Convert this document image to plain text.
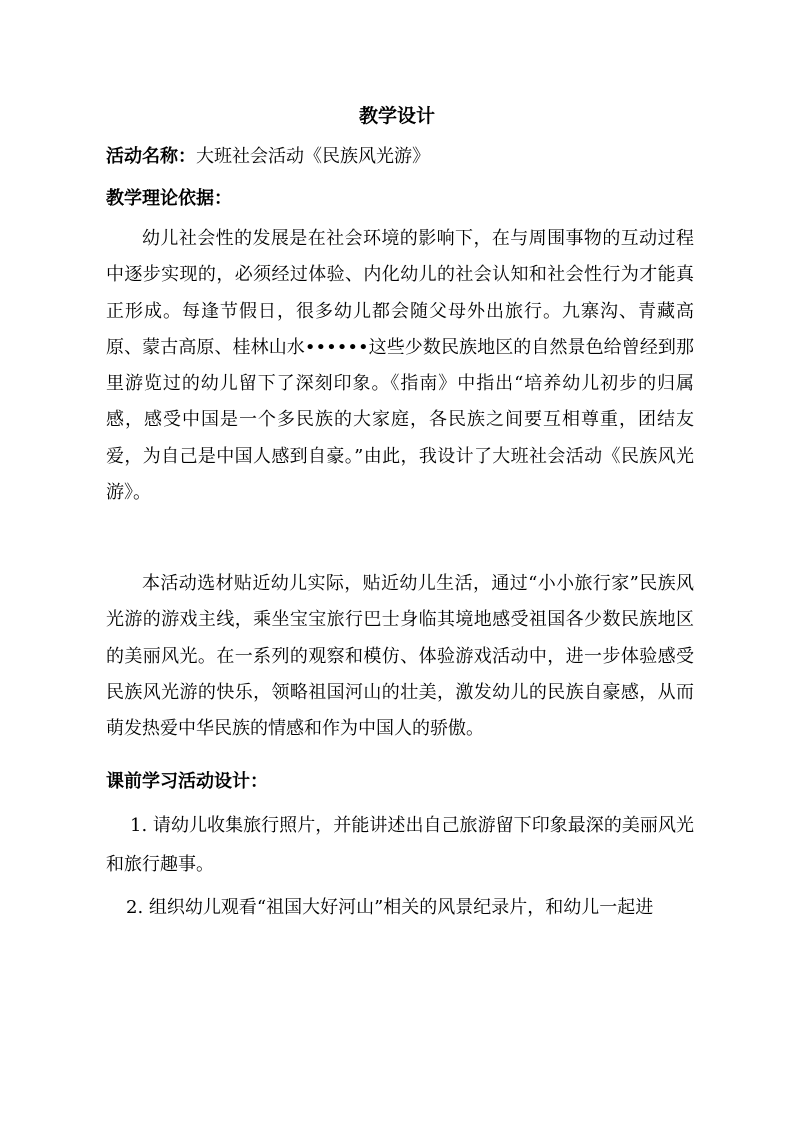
教学设计
活动名称：大班社会活动《民族风光游》
教学理论依据：

幼儿社会性的发展是在社会环境的影响下，在与周围事物的互动过程中逐步实现的，必须经过体验、内化幼儿的社会认知和社会性行为才能真正形成。每逢节假日，很多幼儿都会随父母外出旅行。九寨沟、青藏高原、蒙古高原、桂林山水••••••这些少数民族地区的自然景色给曾经到那里游览过的幼儿留下了深刻印象。《指南》中指出“培养幼儿初步的归属感，感受中国是一个多民族的大家庭，各民族之间要互相尊重，团结友爱，为自己是中国人感到自豪。”由此，我设计了大班社会活动《民族风光游》。

本活动选材贴近幼儿实际，贴近幼儿生活，通过“小小旅行家”民族风光游的游戏主线，乘坐宝宝旅行巴士身临其境地感受祖国各少数民族地区的美丽风光。在一系列的观察和模仿、体验游戏活动中，进一步体验感受民族风光游的快乐，领略祖国河山的壮美，激发幼儿的民族自豪感，从而萌发热爱中华民族的情感和作为中国人的骄傲。

课前学习活动设计：

1. 请幼儿收集旅行照片，并能讲述出自己旅游留下印象最深的美丽风光和旅行趣事。

2. 组织幼儿观看“祖国大好河山”相关的风景纪录片，和幼儿一起进
